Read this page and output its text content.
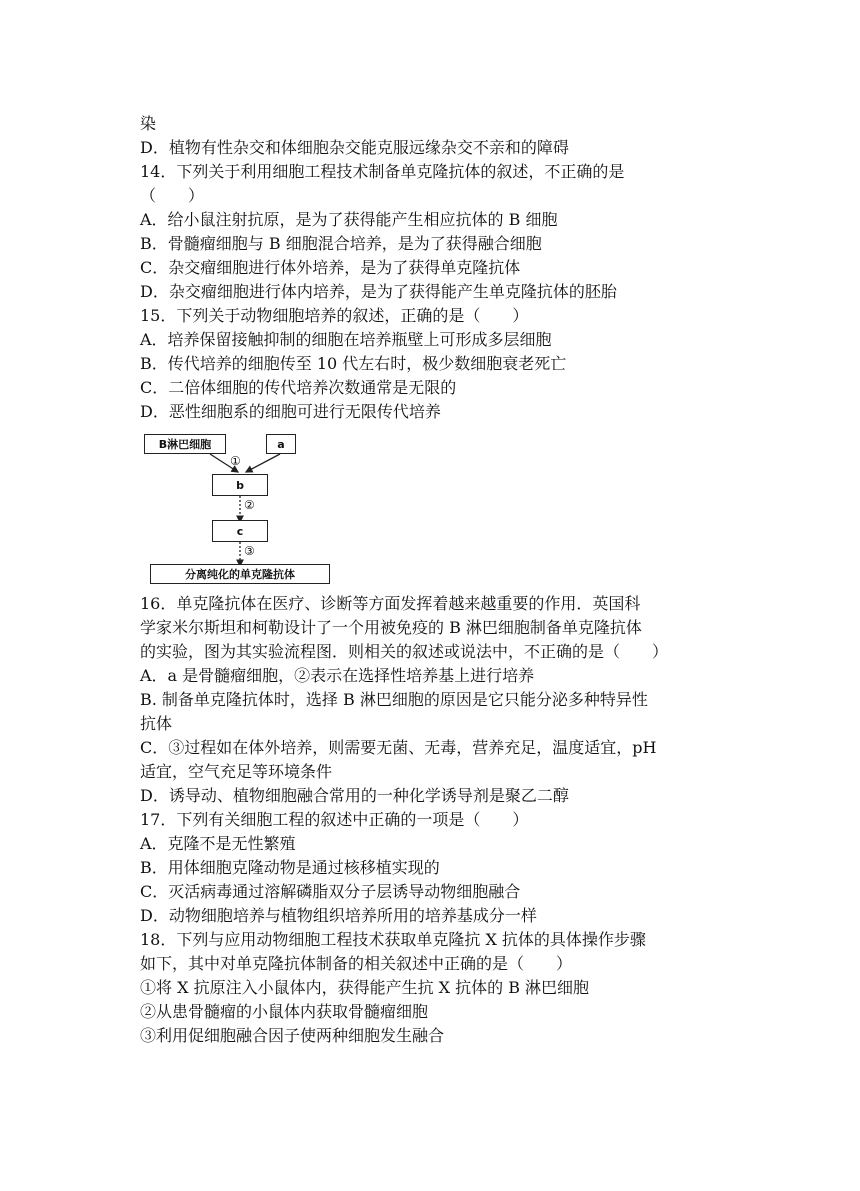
染
D．植物有性杂交和体细胞杂交能克服远缘杂交不亲和的障碍
14．下列关于利用细胞工程技术制备单克隆抗体的叙述，不正确的是
（　　）
A．给小鼠注射抗原，是为了获得能产生相应抗体的 B 细胞
B．骨髓瘤细胞与 B 细胞混合培养，是为了获得融合细胞
C．杂交瘤细胞进行体外培养，是为了获得单克隆抗体
D．杂交瘤细胞进行体内培养，是为了获得能产生单克隆抗体的胚胎
15．下列关于动物细胞培养的叙述，正确的是（　　）
A．培养保留接触抑制的细胞在培养瓶壁上可形成多层细胞
B．传代培养的细胞传至 10 代左右时，极少数细胞衰老死亡
C．二倍体细胞的传代培养次数通常是无限的
D．恶性细胞系的细胞可进行无限传代培养
B淋巴细胞	a
①
b
②
c
③
分离纯化的单克隆抗体
16．单克隆抗体在医疗、诊断等方面发挥着越来越重要的作用．英国科
学家米尔斯坦和柯勒设计了一个用被免疫的 B 淋巴细胞制备单克隆抗体
的实验，图为其实验流程图．则相关的叙述或说法中，不正确的是（　　）
A．a 是骨髓瘤细胞，②表示在选择性培养基上进行培养
B. 制备单克隆抗体时，选择 B 淋巴细胞的原因是它只能分泌多种特异性
抗体
C．③过程如在体外培养，则需要无菌、无毒，营养充足，温度适宜，pH
适宜，空气充足等环境条件
D．诱导动、植物细胞融合常用的一种化学诱导剂是聚乙二醇
17．下列有关细胞工程的叙述中正确的一项是（　　）
A．克隆不是无性繁殖
B．用体细胞克隆动物是通过核移植实现的
C．灭活病毒通过溶解磷脂双分子层诱导动物细胞融合
D．动物细胞培养与植物组织培养所用的培养基成分一样
18．下列与应用动物细胞工程技术获取单克隆抗 X 抗体的具体操作步骤
如下，其中对单克隆抗体制备的相关叙述中正确的是（　　）
①将 X 抗原注入小鼠体内，获得能产生抗 X 抗体的 B 淋巴细胞
②从患骨髓瘤的小鼠体内获取骨髓瘤细胞
③利用促细胞融合因子使两种细胞发生融合
